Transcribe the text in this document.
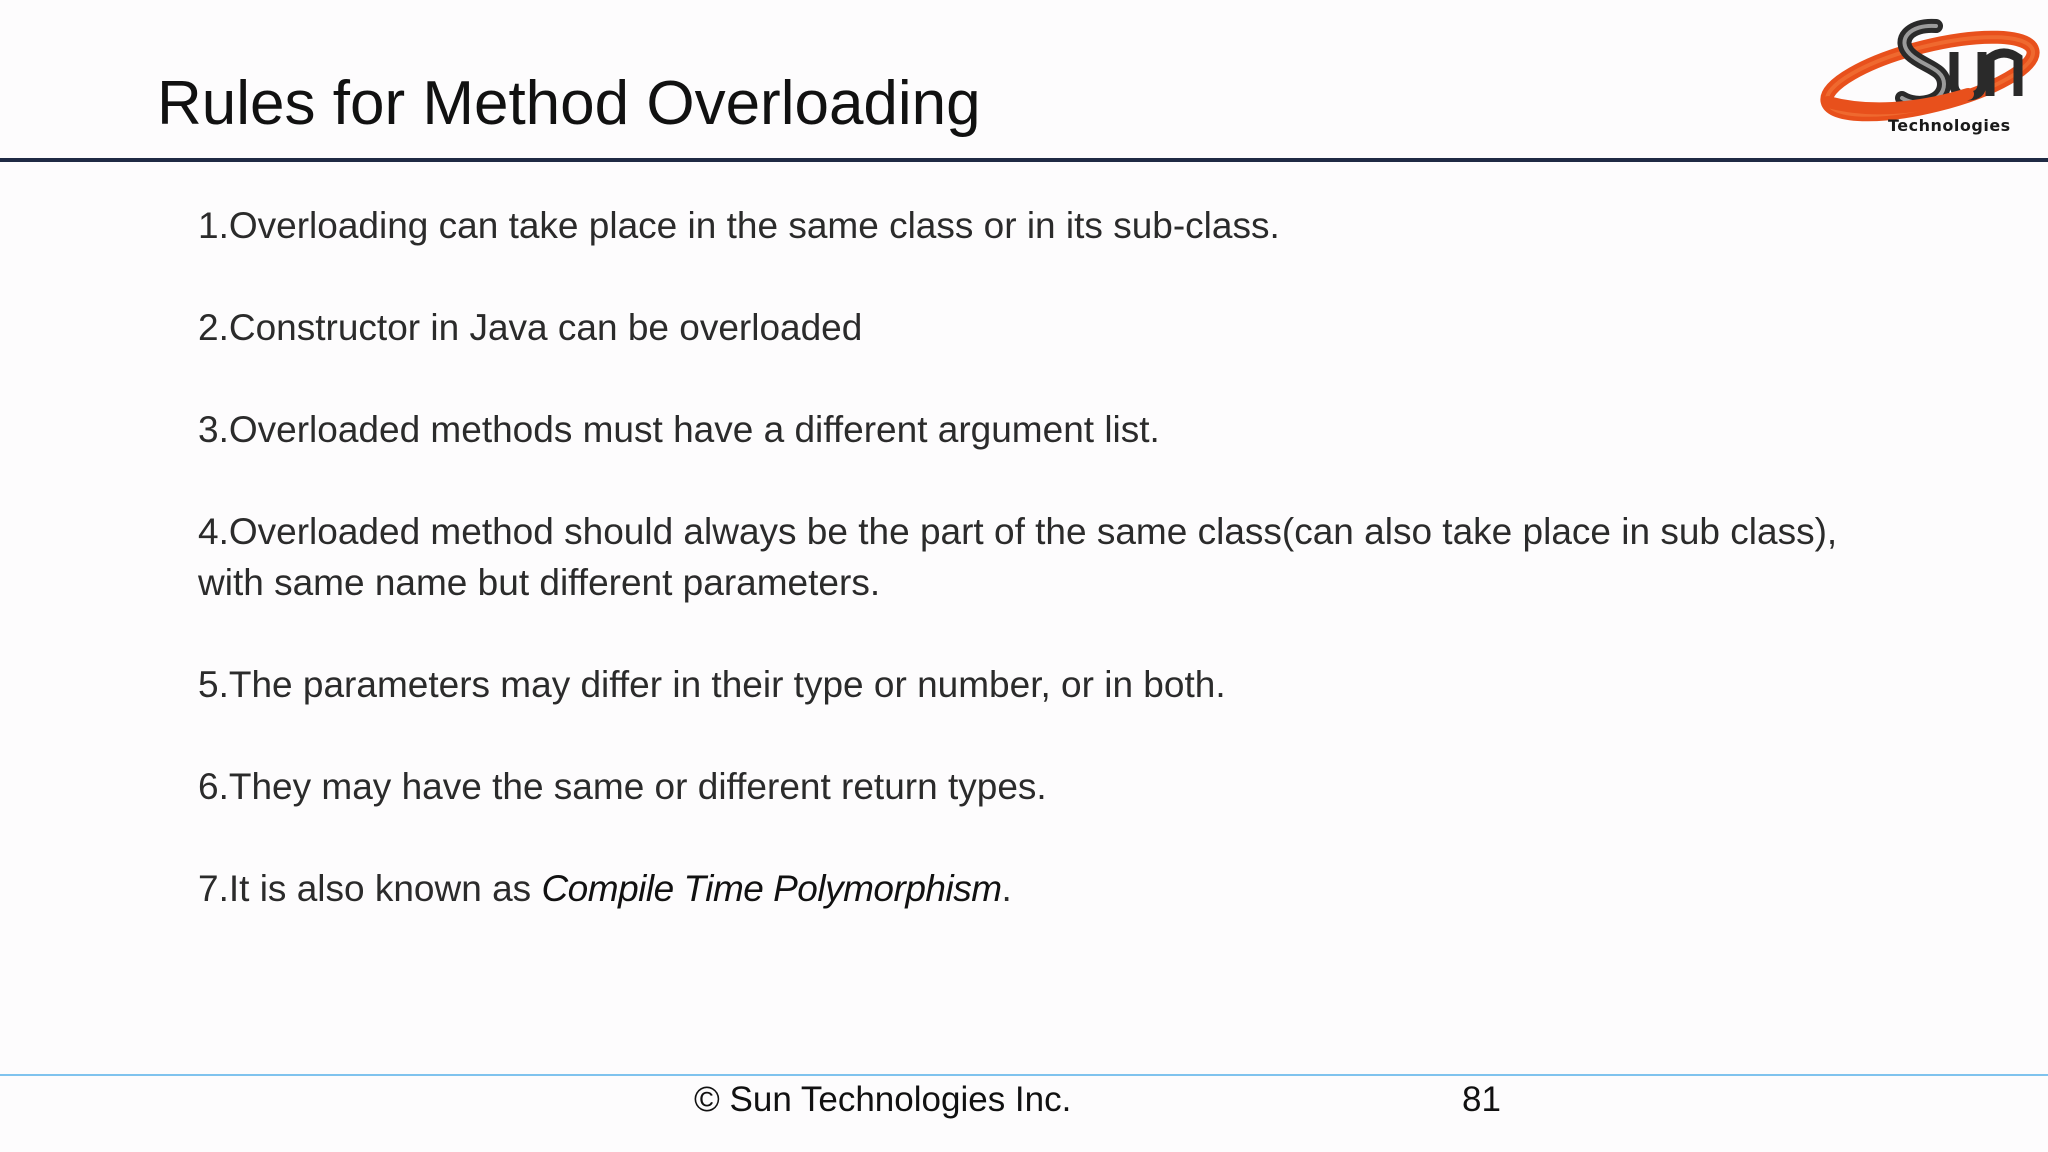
Rules for Method Overloading	Technologies
1.Overloading can take place in the same class or in its sub-class.
2.Constructor in Java can be overloaded
3.Overloaded methods must have a different argument list.
4.Overloaded method should always be the part of the same class(can also take place in sub class), with same name but different parameters.
5.The parameters may differ in their type or number, or in both.
6.They may have the same or different return types.
7.It is also known as Compile Time Polymorphism.
© Sun Technologies Inc.	81
